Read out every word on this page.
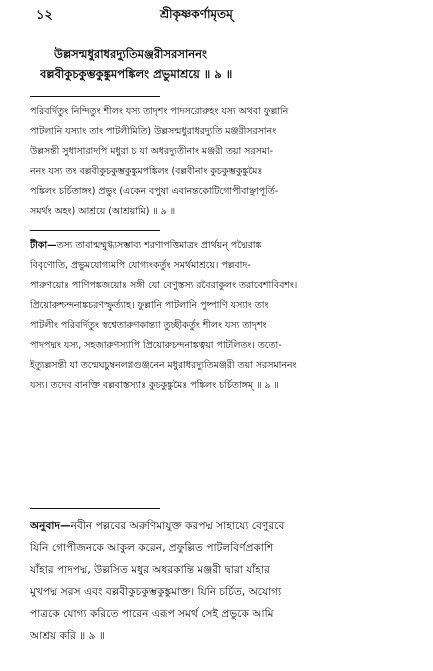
১২	শ্রীকৃষ্ণকর্ণামৃতম্
উল্লসন্মধুরাধরদ্যুতিমঞ্জরীসরসাননং
বল্লবীকুচকুম্ভকুঙ্কুমপঙ্কিলং প্রভুমাশ্রয়ে ॥ ৯ ॥
পরিবর্দিতুং নিন্দিতুং শীলং যস্য তাদৃশং পাদসরোরুহং যস্য অথবা ফুল্লানি
পাটলানি যস্যাং তাং পাটলীমিতি) উল্লসন্মধুরাধরদ্যুতি মঞ্জরীসরসানং
উল্লসন্তী সুধাসারাদপি মধুরা চ যা অধরদ্যুতীনাং মঞ্জরী তয়া সরসমা-
ননং যস্য তং বল্লবীকুচকুম্ভকুঙ্কুমপঙ্কিলং (বল্লবীনাং কুচকুম্ভকুঙ্কুমৈঃ
পঙ্কিলং চর্চিতাঙ্গং) প্রভুং (একেন বপুষা এবানন্তকোটিগোপীবাঞ্ছাপূর্তি-
সমর্থং অহং) আশ্রয়ে (আশ্রয়ামি) ॥ ৯ ॥
টীকা—তস্য তাবান্মম্মুগ্ধ্যসম্ভাব্য শরণাপত্তিমাত্রং প্রার্থয়ন্ পদ্মৈরাঙ্ক
বিবৃণোতি, প্রভুমযোগ্যমপি যোগ্যংকর্তুং সমর্থমাশ্রয়ে। পল্লবাদ-
পারুণয়োঃ পাণিপঙ্কজয়োঃ সঙ্গী যো বেণুস্তস্য রবৈরাকুলং তরাবেশাবিবশং।
প্রিয়োরুশ্চন্দনাঙ্কচরণস্ফুর্ত্যাহ। ফুল্লানি পাটলানি পুষ্পাণি যস্যাং তাং
পাটলীং পরিবর্দিতুং স্বশ্বেতারুণকান্ত্যা তুচ্ছীকর্তুং শীলং যস্য তাদৃশং
পাদপদ্মং যস্য, সহজারুণস্যাপি প্রিয়োরুচন্দনাঙ্কত্বয়া পাটলিতং। ততো-
ইত্যুল্লসন্তী যা তন্মেঘচুম্বনলগ্নগুঞ্জনেন মধুরাধরদ্যুতিমঞ্জরী তয়া সরসমাননং
যস্য। তদেব বানক্তি বল্লবাস্তস্যাঃ কুচকুঙ্কুমৈঃ পঙ্কিলং চর্চিতাঙ্গম্ ॥ ৯ ॥
অনুবাদ—নবীন পল্লবের অরুণিমাযুক্ত করপদ্ম সাহায্যে বেণুরবে
যিনি গোপীজনকে আকুল করেন, প্রফুল্লিত পাটলবির্ণপ্রকাশি
যাঁহার পাদপদ্ম, উল্লসিত মধুর অধরকান্তি মঞ্জরী দ্বারা যাঁহার
মুখপদ্ম সরস এবং বল্লবীকুচকুম্ভকুঙ্কুমাক্ত। যিনি চর্চিত, অযোগ্য
পাত্রকে যোগ্য করিতে পারেন এরূপ সমর্থ সেই প্রভুকে আমি
আশ্রয় করি ॥ ৯ ॥
